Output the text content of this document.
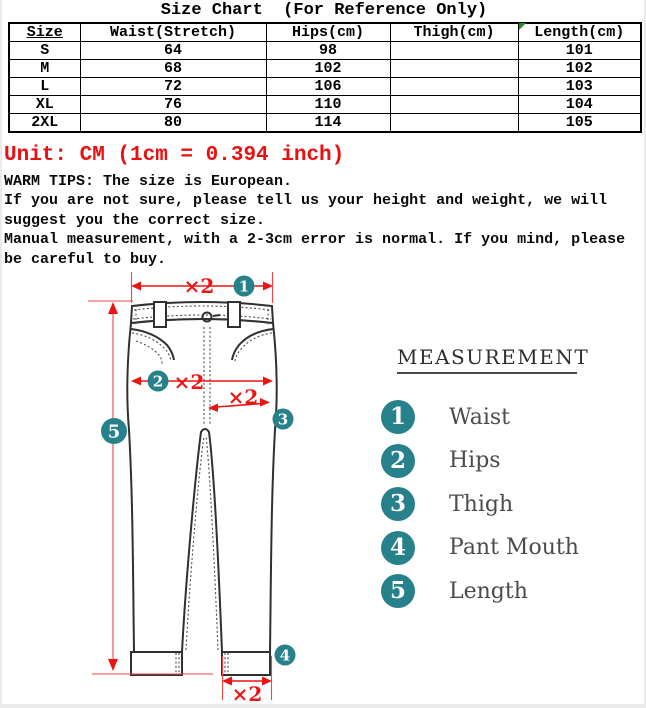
Size Chart  (For Reference Only)
Size	Waist(Stretch)	Hips(cm)	Thigh(cm)	Length(cm)
S	64	98		101
M	68	102		102
L	72	106		103
XL	76	110		104
2XL	80	114		105
Unit: CM (1cm = 0.394 inch)
WARM TIPS: The size is European.
If you are not sure, please tell us your height and weight, we will
suggest you the correct size.
Manual measurement, with a 2-3cm error is normal. If you mind, please
be careful to buy.
×2 1
5
2 ×2
×2
3
×2
4
MEASUREMENT
1	Waist
2	Hips
3	Thigh
4	Pant Mouth
5	Length
